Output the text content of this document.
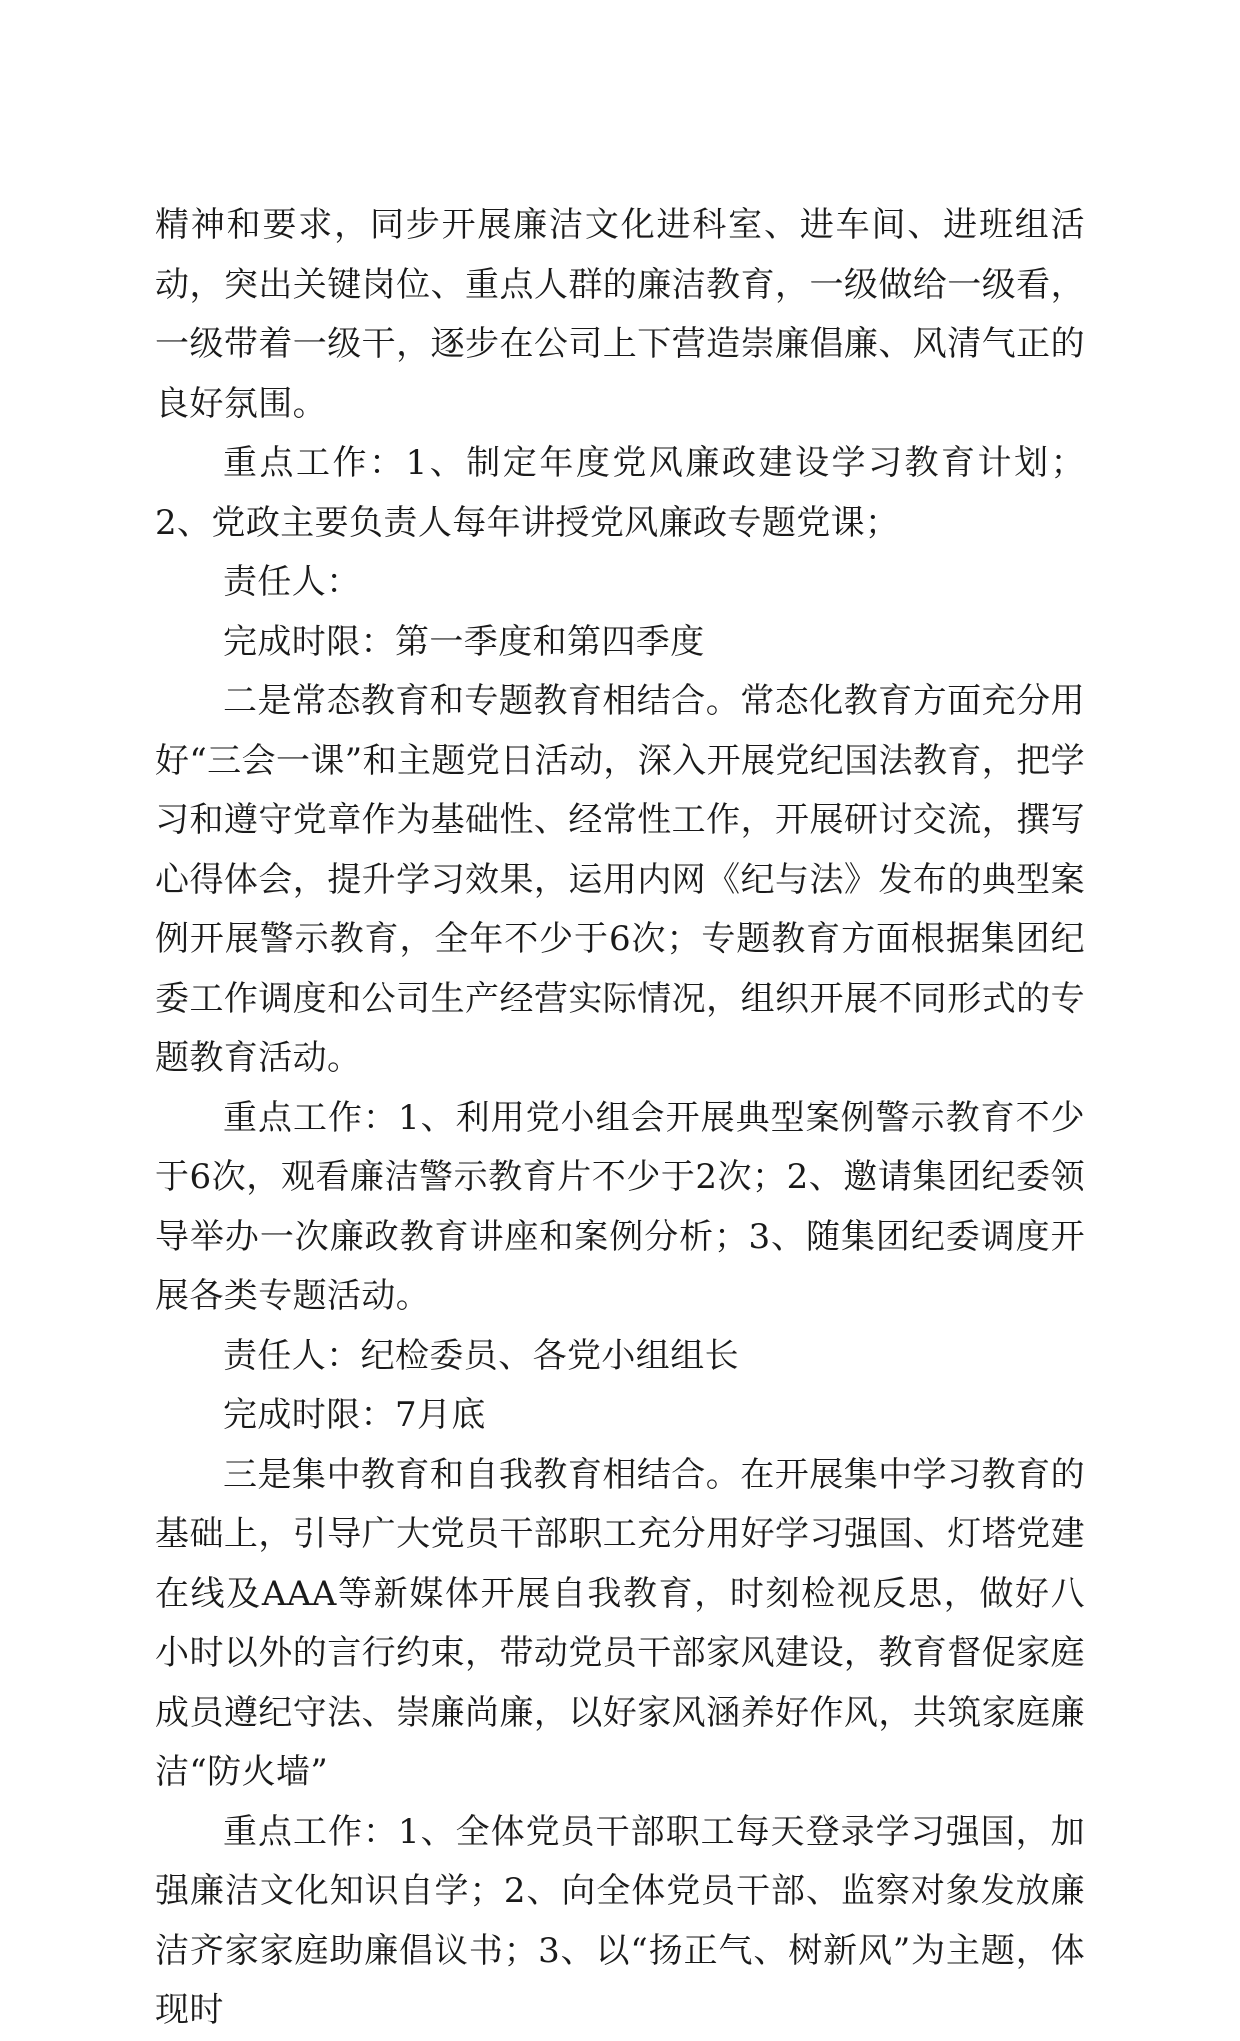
精神和要求，同步开展廉洁文化进科室、进车间、进班组活动，突出关键岗位、重点人群的廉洁教育，一级做给一级看，一级带着一级干，逐步在公司上下营造崇廉倡廉、风清气正的良好氛围。

重点工作：1、制定年度党风廉政建设学习教育计划；2、党政主要负责人每年讲授党风廉政专题党课；

责任人：

完成时限：第一季度和第四季度

二是常态教育和专题教育相结合。常态化教育方面充分用好“三会一课”和主题党日活动，深入开展党纪国法教育，把学习和遵守党章作为基础性、经常性工作，开展研讨交流，撰写心得体会，提升学习效果，运用内网《纪与法》发布的典型案例开展警示教育，全年不少于6次；专题教育方面根据集团纪委工作调度和公司生产经营实际情况，组织开展不同形式的专题教育活动。

重点工作：1、利用党小组会开展典型案例警示教育不少于6次，观看廉洁警示教育片不少于2次；2、邀请集团纪委领导举办一次廉政教育讲座和案例分析；3、随集团纪委调度开展各类专题活动。

责任人：纪检委员、各党小组组长

完成时限：7月底

三是集中教育和自我教育相结合。在开展集中学习教育的基础上，引导广大党员干部职工充分用好学习强国、灯塔党建在线及AAA等新媒体开展自我教育，时刻检视反思，做好八小时以外的言行约束，带动党员干部家风建设，教育督促家庭成员遵纪守法、崇廉尚廉，以好家风涵养好作风，共筑家庭廉洁“防火墙”

重点工作：1、全体党员干部职工每天登录学习强国，加强廉洁文化知识自学；2、向全体党员干部、监察对象发放廉洁齐家家庭助廉倡议书；3、以“扬正气、树新风”为主题，体现时
